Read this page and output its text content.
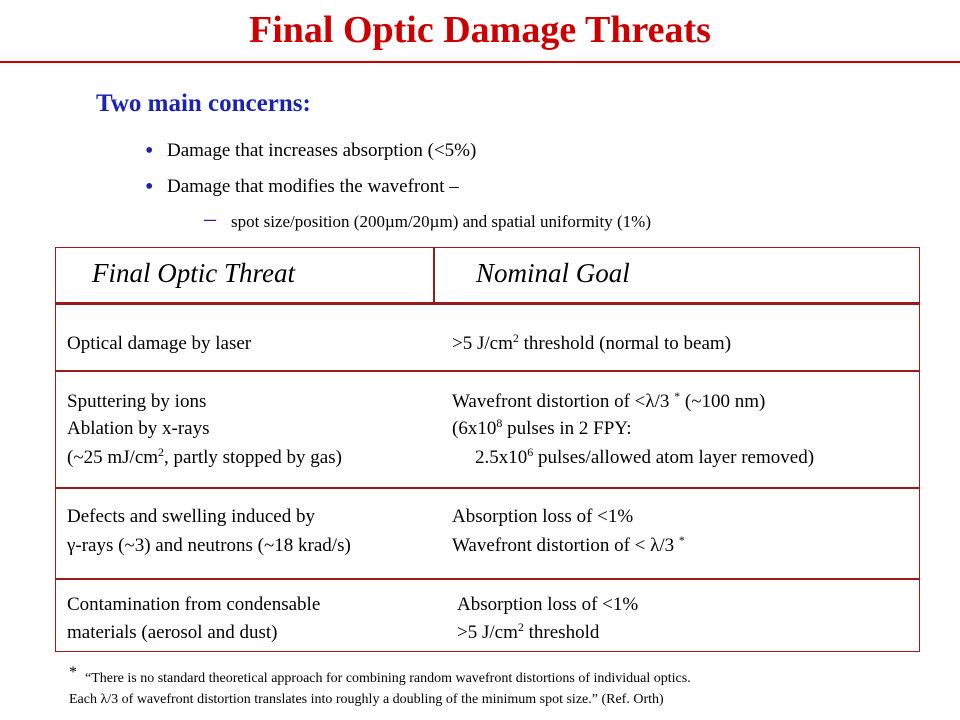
Final Optic Damage Threats
Two main concerns:
• Damage that increases absorption (<5%)
• Damage that modifies the wavefront –
– spot size/position (200µm/20µm) and spatial uniformity (1%)
Final Optic Threat	Nominal Goal
Optical damage by laser	>5 $J/cm^2$ threshold (normal to beam)
Sputtering by ions
Ablation by x-rays
(~25 $mJ/cm^2$, partly stopped by gas)
Wavefront distortion of <λ/3 * (~100 nm)
($6x10^8$ pulses in 2 FPY:
$2.5x10^6$ pulses/allowed atom layer removed)
Defects and swelling induced by
γ-rays (~3) and neutrons (~18 krad/s)
Absorption loss of <1%
Wavefront distortion of < λ/3 *
Contamination from condensable
materials (aerosol and dust)
Absorption loss of <1%
>5 $J/cm^2$ threshold
* “There is no standard theoretical approach for combining random wavefront distortions of individual optics.
Each λ/3 of wavefront distortion translates into roughly a doubling of the minimum spot size.” (Ref. Orth)
